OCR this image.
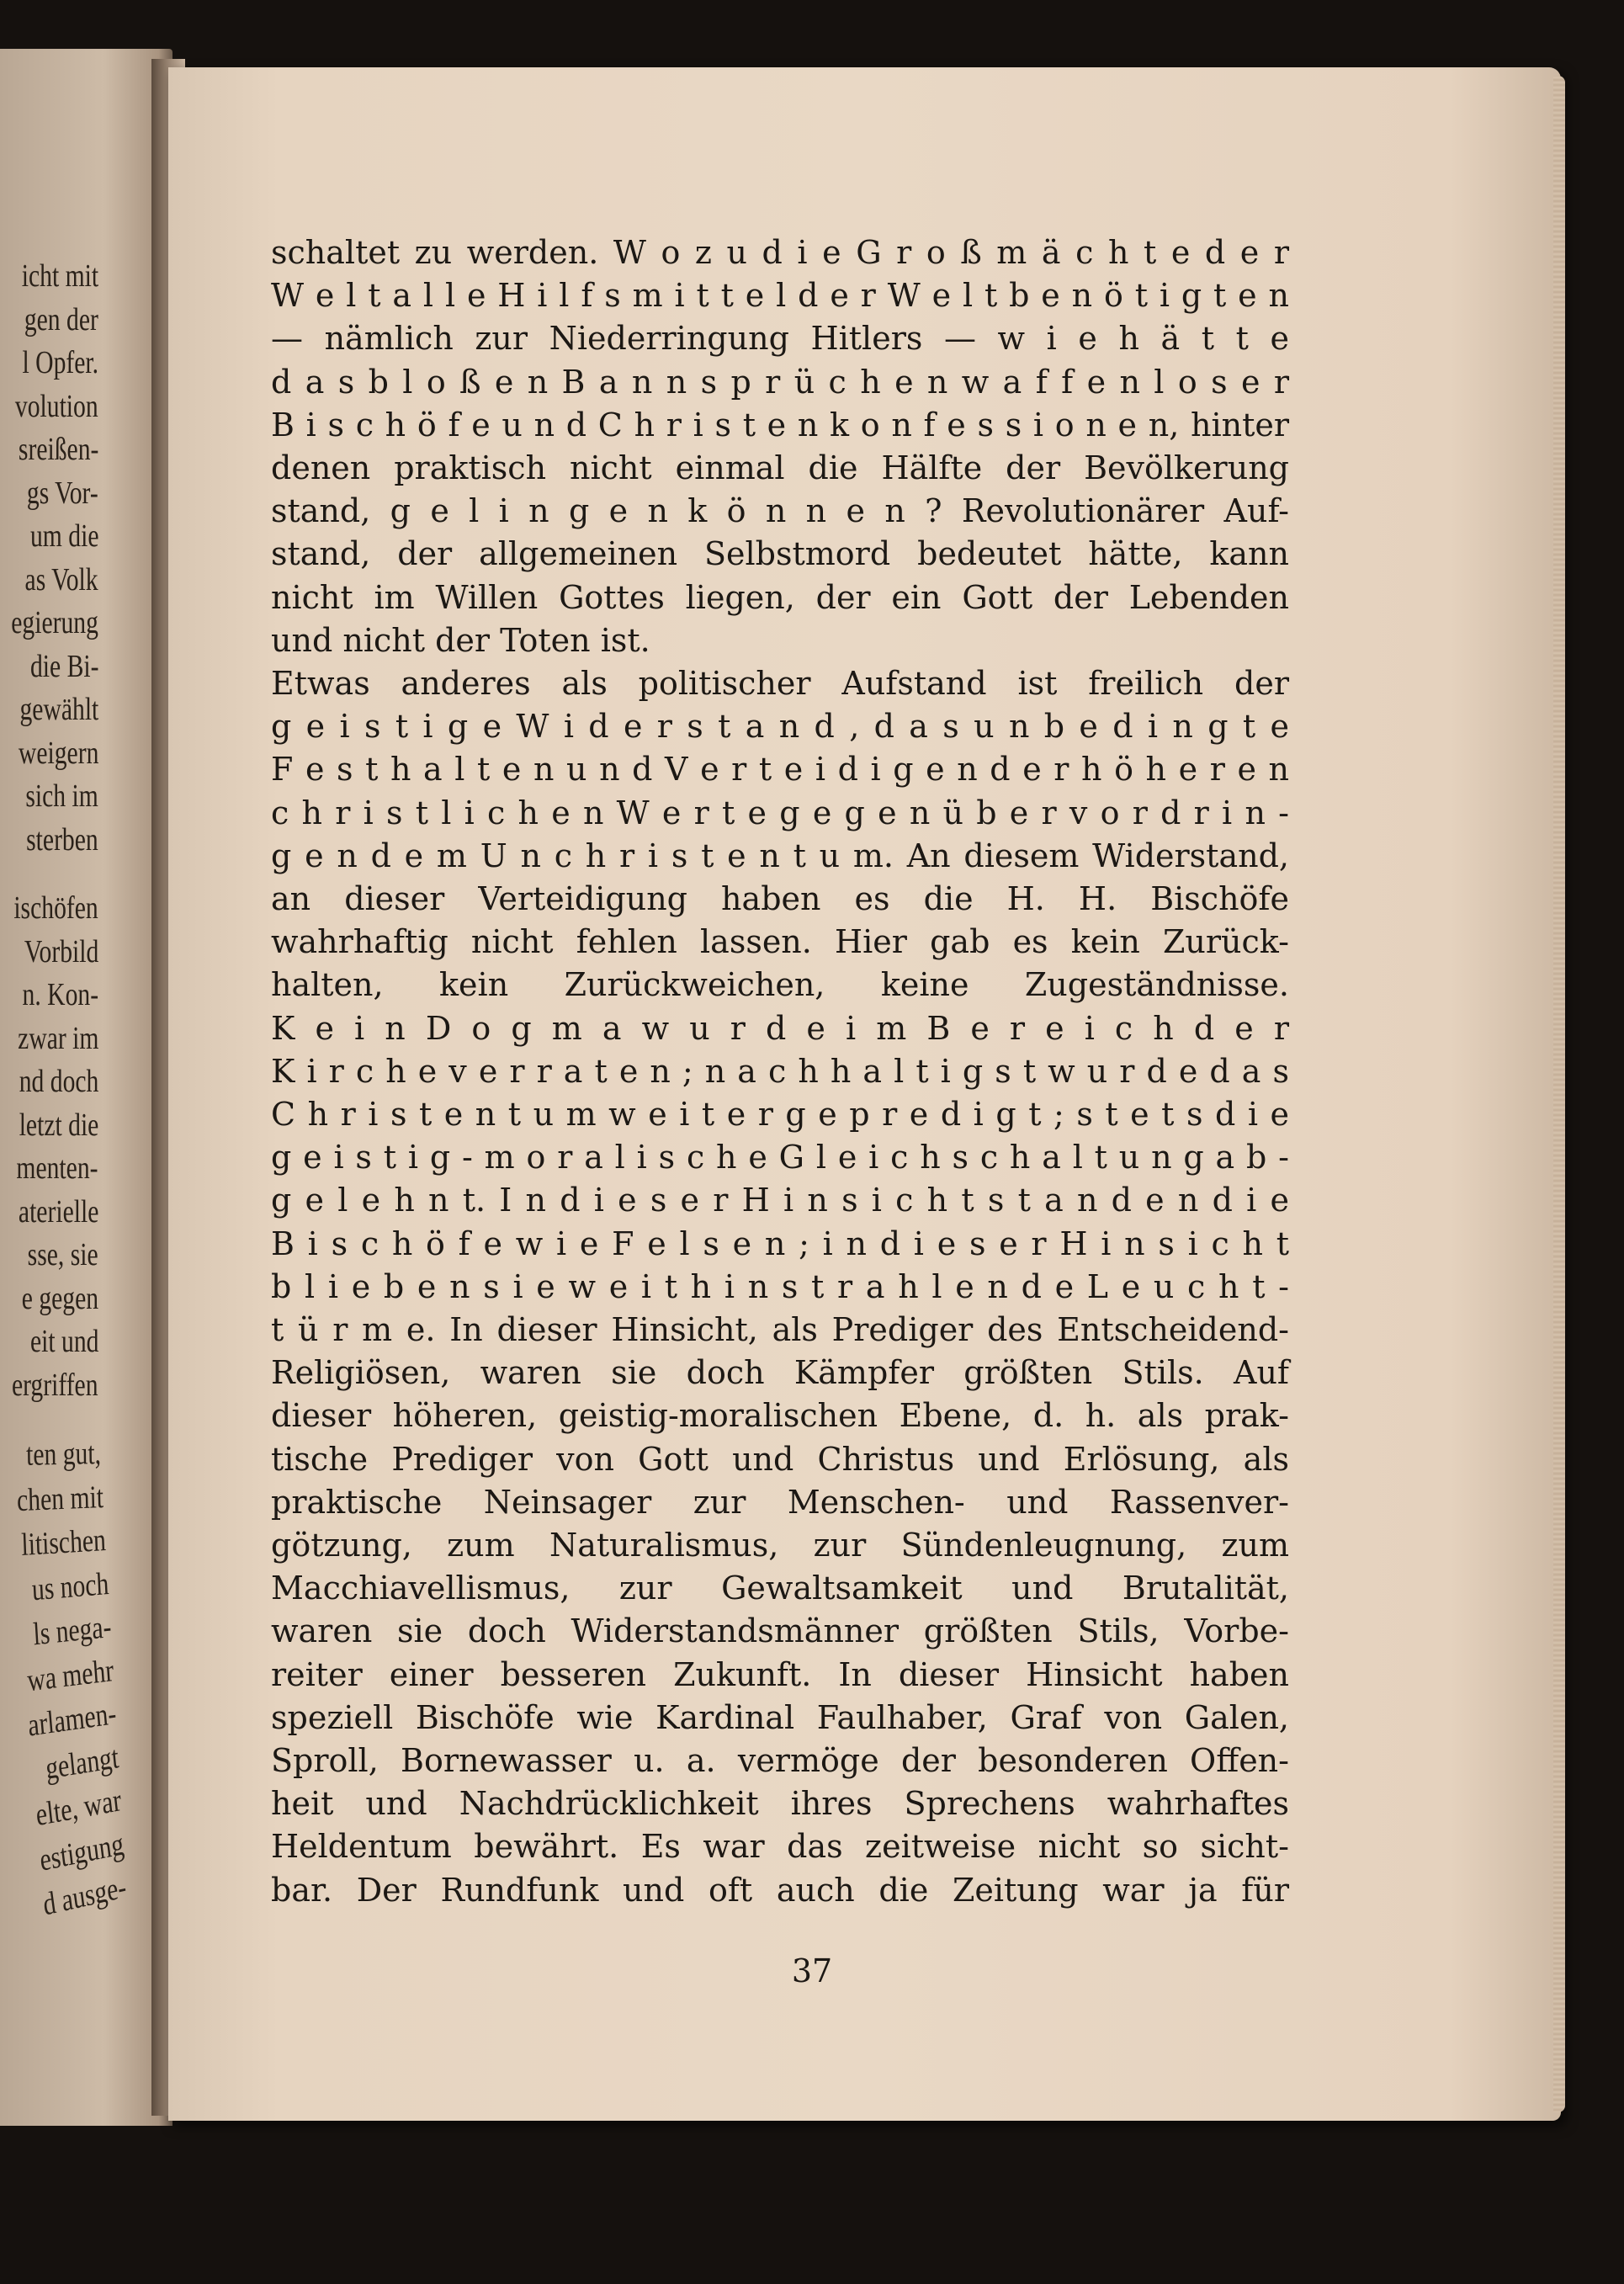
icht mit
gen der
l Opfer.
volution
sreißen-
gs Vor-
um die
as Volk
egierung
die Bi-
gewählt
weigern
sich im
sterben
ischöfen
Vorbild
n. Kon-
zwar im
nd doch
letzt die
menten-
aterielle
sse, sie
e gegen
eit und
ergriffen
ten gut,
chen mit
litischen
us noch
ls nega-
wa mehr
arlamen-
gelangt
elte, war
estigung
d ausge-
schaltet zu werden. W o z u d i e G r o ß m ä c h t e d e r
W e l t a l l e H i l f s m i t t e l d e r W e l t b e n ö t i g t e n
— nämlich zur Niederringung Hitlers — w i e h ä t t e
d a s b l o ß e n B a n n s p r ü c h e n w a f f e n l o s e r
B i s c h ö f e u n d C h r i s t e n k o n f e s s i o n e n, hinter
denen praktisch nicht einmal die Hälfte der Bevölkerung
stand, g e l i n g e n k ö n n e n ? Revolutionärer Auf-
stand, der allgemeinen Selbstmord bedeutet hätte, kann
nicht im Willen Gottes liegen, der ein Gott der Lebenden
und nicht der Toten ist.
Etwas anderes als politischer Aufstand ist freilich der
g e i s t i g e W i d e r s t a n d , d a s u n b e d i n g t e
F e s t h a l t e n u n d V e r t e i d i g e n d e r h ö h e r e n
c h r i s t l i c h e n W e r t e g e g e n ü b e r v o r d r i n -
g e n d e m U n c h r i s t e n t u m. An diesem Widerstand,
an dieser Verteidigung haben es die H. H. Bischöfe
wahrhaftig nicht fehlen lassen. Hier gab es kein Zurück-
halten, kein Zurückweichen, keine Zugeständnisse.
K e i n D o g m a w u r d e i m B e r e i c h d e r
K i r c h e v e r r a t e n ; n a c h h a l t i g s t w u r d e d a s
C h r i s t e n t u m w e i t e r g e p r e d i g t ; s t e t s d i e
g e i s t i g - m o r a l i s c h e G l e i c h s c h a l t u n g a b -
g e l e h n t. I n d i e s e r H i n s i c h t s t a n d e n d i e
B i s c h ö f e w i e F e l s e n ; i n d i e s e r H i n s i c h t
b l i e b e n s i e w e i t h i n s t r a h l e n d e L e u c h t -
t ü r m e. In dieser Hinsicht, als Prediger des Entscheidend-
Religiösen, waren sie doch Kämpfer größten Stils. Auf
dieser höheren, geistig-moralischen Ebene, d. h. als prak-
tische Prediger von Gott und Christus und Erlösung, als
praktische Neinsager zur Menschen- und Rassenver-
götzung, zum Naturalismus, zur Sündenleugnung, zum
Macchiavellismus, zur Gewaltsamkeit und Brutalität,
waren sie doch Widerstandsmänner größten Stils, Vorbe-
reiter einer besseren Zukunft. In dieser Hinsicht haben
speziell Bischöfe wie Kardinal Faulhaber, Graf von Galen,
Sproll, Bornewasser u. a. vermöge der besonderen Offen-
heit und Nachdrücklichkeit ihres Sprechens wahrhaftes
Heldentum bewährt. Es war das zeitweise nicht so sicht-
bar. Der Rundfunk und oft auch die Zeitung war ja für
37
